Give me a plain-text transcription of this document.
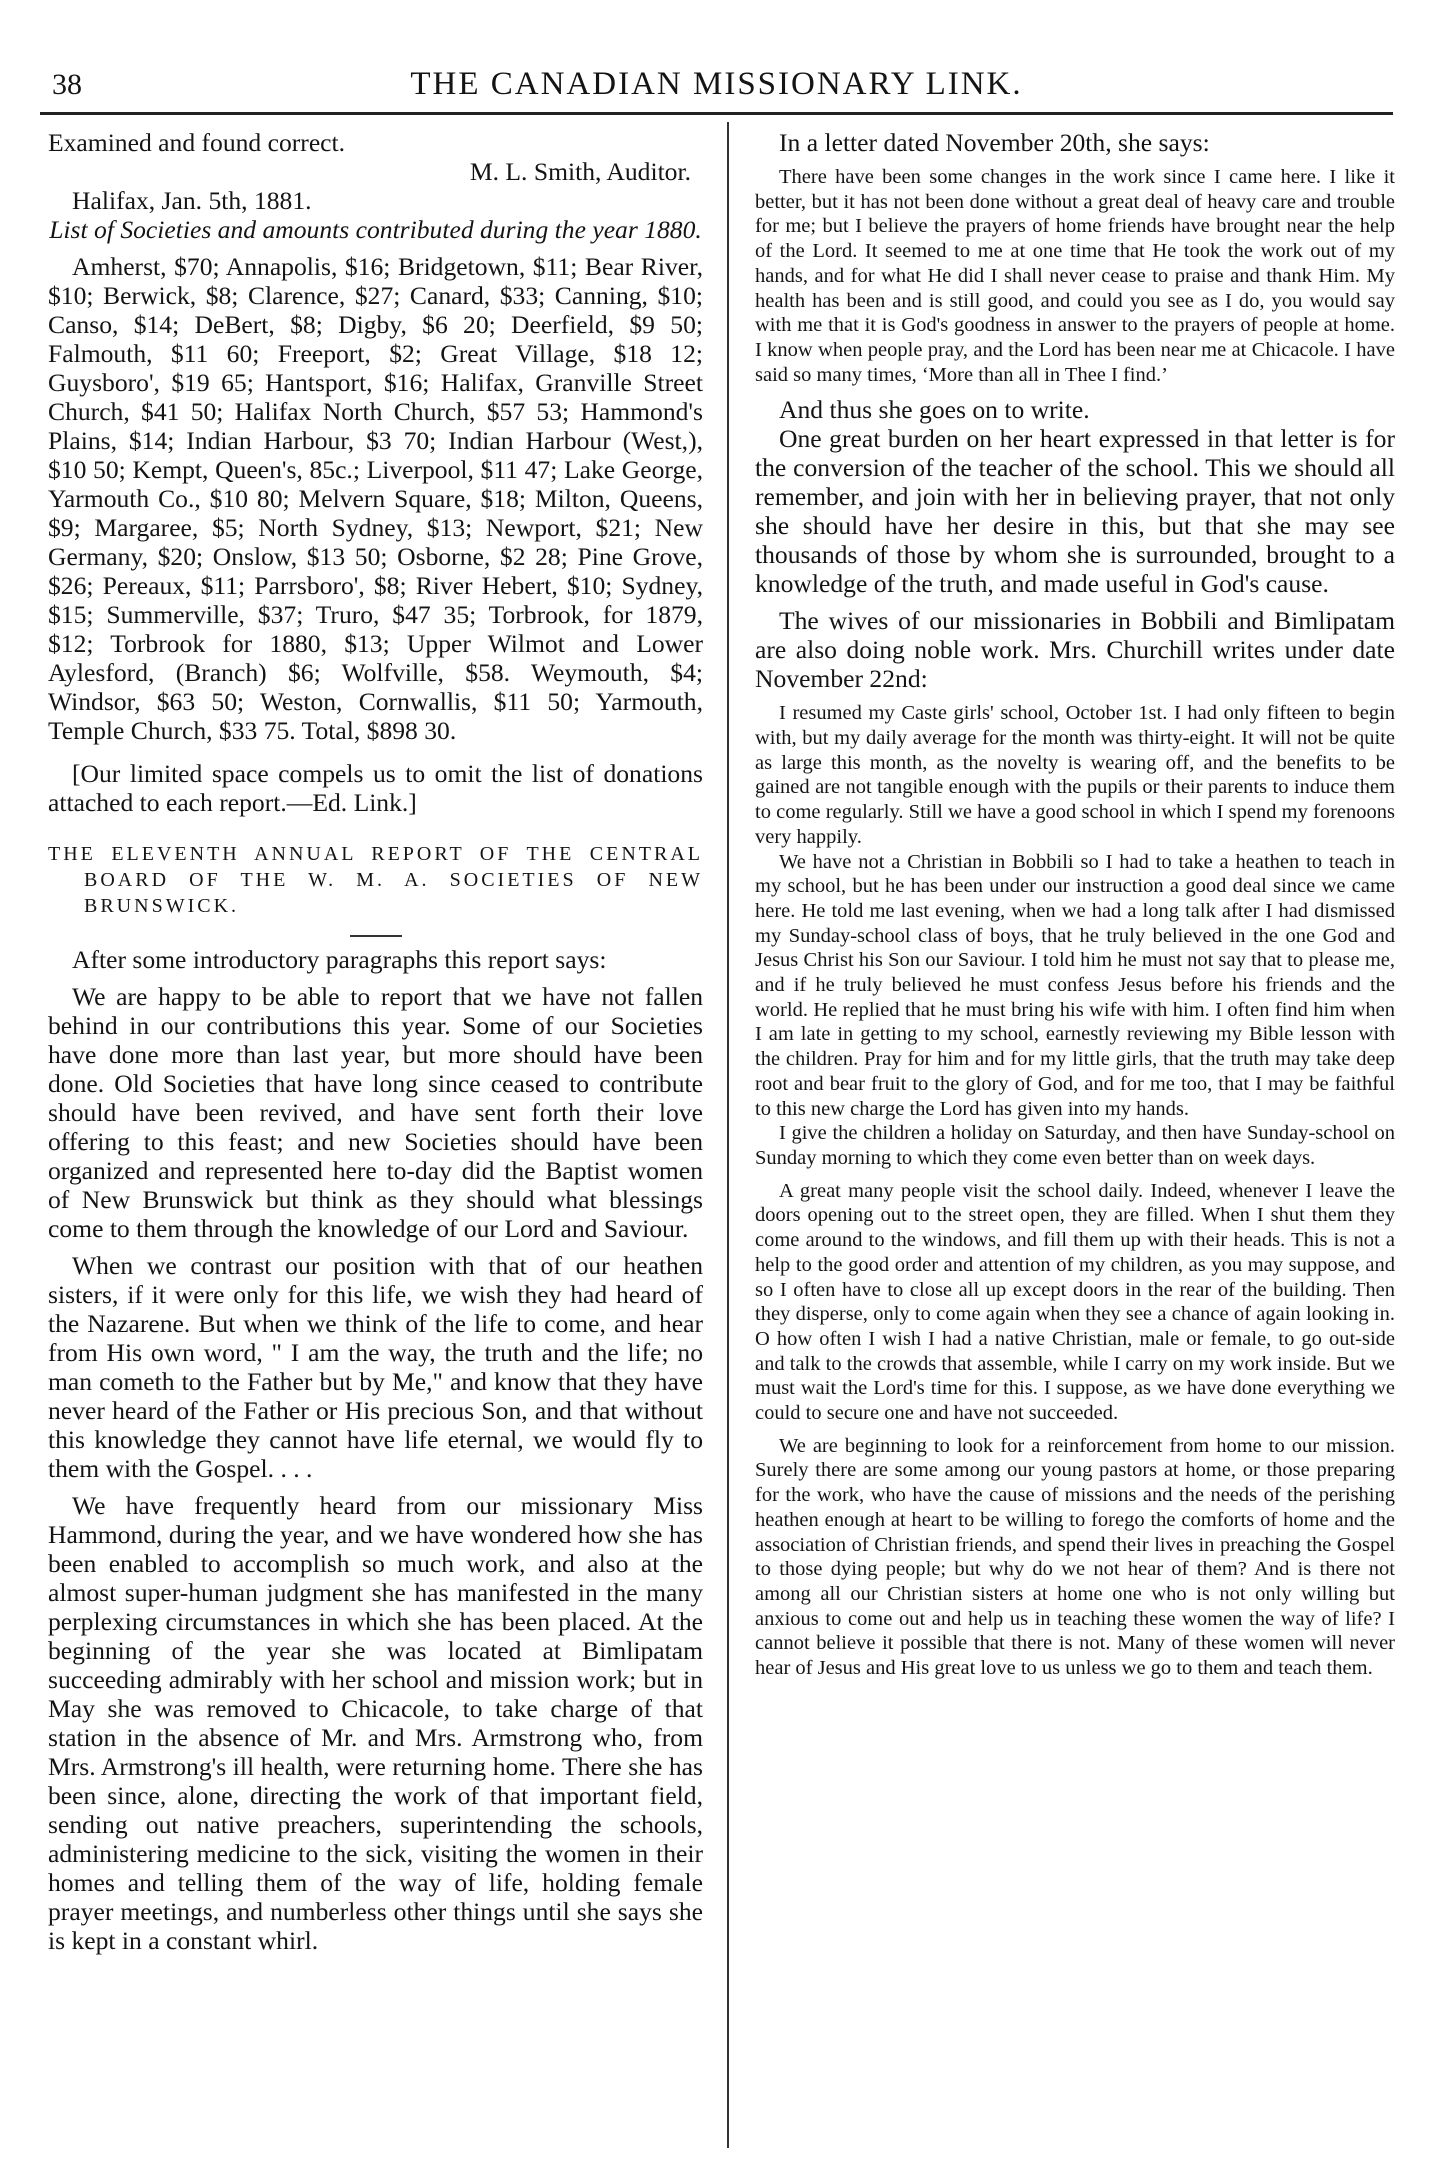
38	THE CANADIAN MISSIONARY LINK.

Examined and found correct.

M. L. Smith, Auditor.

Halifax, Jan. 5th, 1881.

List of Societies and amounts contributed during the year 1880.

Amherst, $70; Annapolis, $16; Bridgetown, $11; Bear River, $10; Berwick, $8; Clarence, $27; Canard, $33; Canning, $10; Canso, $14; DeBert, $8; Digby, $6 20; Deerfield, $9 50; Falmouth, $11 60; Freeport, $2; Great Village, $18 12; Guysboro', $19 65; Hantsport, $16; Halifax, Granville Street Church, $41 50; Halifax North Church, $57 53; Hammond's Plains, $14; Indian Harbour, $3 70; Indian Harbour (West,), $10 50; Kempt, Queen's, 85c.; Liverpool, $11 47; Lake George, Yarmouth Co., $10 80; Melvern Square, $18; Milton, Queens, $9; Margaree, $5; North Sydney, $13; Newport, $21; New Germany, $20; Onslow, $13 50; Osborne, $2 28; Pine Grove, $26; Pereaux, $11; Parrsboro', $8; River Hebert, $10; Sydney, $15; Summerville, $37; Truro, $47 35; Torbrook, for 1879, $12; Torbrook for 1880, $13; Upper Wilmot and Lower Aylesford, (Branch) $6; Wolfville, $58. Weymouth, $4; Windsor, $63 50; Weston, Cornwallis, $11 50; Yarmouth, Temple Church, $33 75. Total, $898 30.

[Our limited space compels us to omit the list of donations attached to each report.—Ed. Link.]

THE ELEVENTH ANNUAL REPORT OF THE CENTRAL BOARD OF THE W. M. A. SOCIETIES OF NEW BRUNSWICK.

After some introductory paragraphs this report says:

We are happy to be able to report that we have not fallen behind in our contributions this year. Some of our Societies have done more than last year, but more should have been done. Old Societies that have long since ceased to contribute should have been revived, and have sent forth their love offering to this feast; and new Societies should have been organized and represented here to-day did the Baptist women of New Brunswick but think as they should what blessings come to them through the knowledge of our Lord and Saviour.

When we contrast our position with that of our heathen sisters, if it were only for this life, we wish they had heard of the Nazarene. But when we think of the life to come, and hear from His own word, " I am the way, the truth and the life; no man cometh to the Father but by Me," and know that they have never heard of the Father or His precious Son, and that without this knowledge they cannot have life eternal, we would fly to them with the Gospel. . . .

We have frequently heard from our missionary Miss Hammond, during the year, and we have wondered how she has been enabled to accomplish so much work, and also at the almost super-human judgment she has manifested in the many perplexing circumstances in which she has been placed. At the beginning of the year she was located at Bimlipatam succeeding admirably with her school and mission work; but in May she was removed to Chicacole, to take charge of that station in the absence of Mr. and Mrs. Armstrong who, from Mrs. Armstrong's ill health, were returning home. There she has been since, alone, directing the work of that important field, sending out native preachers, superintending the schools, administering medicine to the sick, visiting the women in their homes and telling them of the way of life, holding female prayer meetings, and numberless other things until she says she is kept in a constant whirl.

In a letter dated November 20th, she says:

There have been some changes in the work since I came here. I like it better, but it has not been done without a great deal of heavy care and trouble for me; but I believe the prayers of home friends have brought near the help of the Lord. It seemed to me at one time that He took the work out of my hands, and for what He did I shall never cease to praise and thank Him. My health has been and is still good, and could you see as I do, you would say with me that it is God's goodness in answer to the prayers of people at home. I know when people pray, and the Lord has been near me at Chicacole. I have said so many times, ‘More than all in Thee I find.’

And thus she goes on to write.

One great burden on her heart expressed in that letter is for the conversion of the teacher of the school. This we should all remember, and join with her in believing prayer, that not only she should have her desire in this, but that she may see thousands of those by whom she is surrounded, brought to a knowledge of the truth, and made useful in God's cause.

The wives of our missionaries in Bobbili and Bimlipatam are also doing noble work. Mrs. Churchill writes under date November 22nd:

I resumed my Caste girls' school, October 1st. I had only fifteen to begin with, but my daily average for the month was thirty-eight. It will not be quite as large this month, as the novelty is wearing off, and the benefits to be gained are not tangible enough with the pupils or their parents to induce them to come regularly. Still we have a good school in which I spend my forenoons very happily.

We have not a Christian in Bobbili so I had to take a heathen to teach in my school, but he has been under our instruction a good deal since we came here. He told me last evening, when we had a long talk after I had dismissed my Sunday-school class of boys, that he truly believed in the one God and Jesus Christ his Son our Saviour. I told him he must not say that to please me, and if he truly believed he must confess Jesus before his friends and the world. He replied that he must bring his wife with him. I often find him when I am late in getting to my school, earnestly reviewing my Bible lesson with the children. Pray for him and for my little girls, that the truth may take deep root and bear fruit to the glory of God, and for me too, that I may be faithful to this new charge the Lord has given into my hands.

I give the children a holiday on Saturday, and then have Sunday-school on Sunday morning to which they come even better than on week days.

A great many people visit the school daily. Indeed, whenever I leave the doors opening out to the street open, they are filled. When I shut them they come around to the windows, and fill them up with their heads. This is not a help to the good order and attention of my children, as you may suppose, and so I often have to close all up except doors in the rear of the building. Then they disperse, only to come again when they see a chance of again looking in. O how often I wish I had a native Christian, male or female, to go out-side and talk to the crowds that assemble, while I carry on my work inside. But we must wait the Lord's time for this. I suppose, as we have done everything we could to secure one and have not succeeded.

We are beginning to look for a reinforcement from home to our mission. Surely there are some among our young pastors at home, or those preparing for the work, who have the cause of missions and the needs of the perishing heathen enough at heart to be willing to forego the comforts of home and the association of Christian friends, and spend their lives in preaching the Gospel to those dying people; but why do we not hear of them? And is there not among all our Christian sisters at home one who is not only willing but anxious to come out and help us in teaching these women the way of life? I cannot believe it possible that there is not. Many of these women will never hear of Jesus and His great love to us unless we go to them and teach them.
